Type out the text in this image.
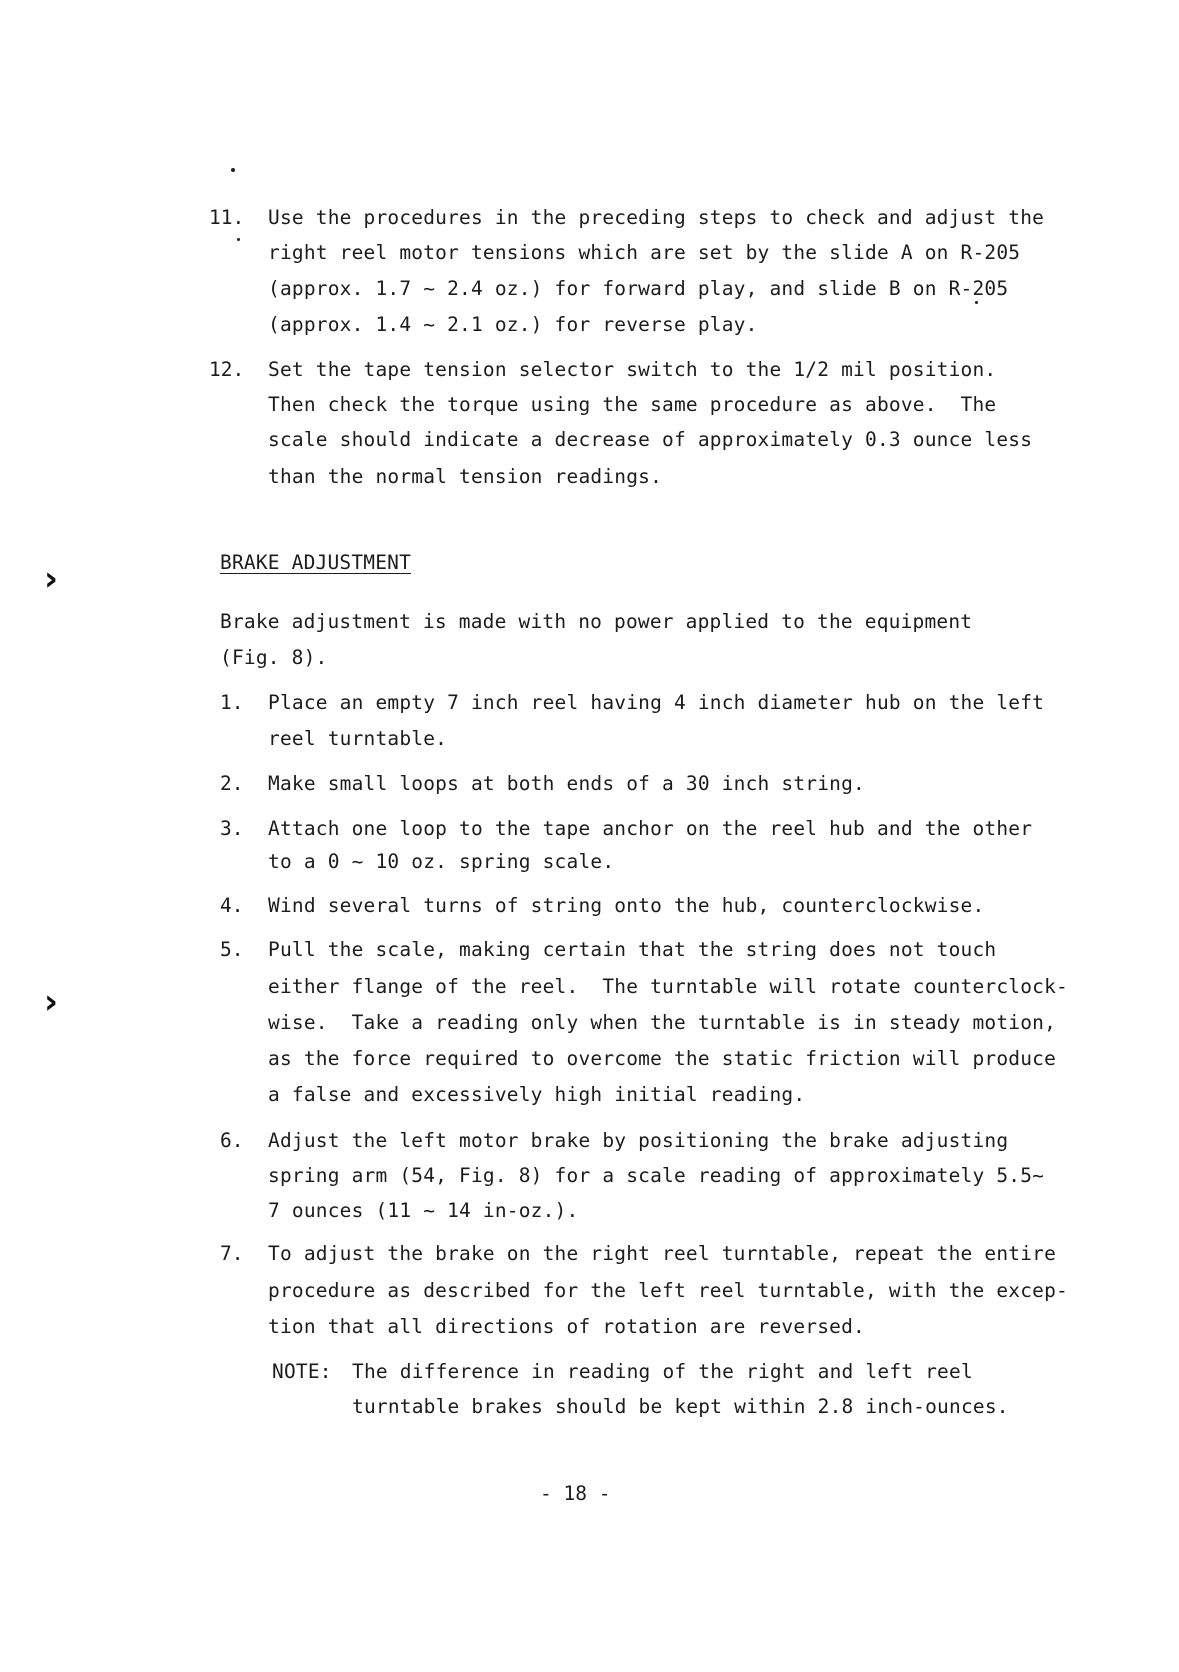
›
›
11. Use the procedures in the preceding steps to check and adjust the
right reel motor tensions which are set by the slide A on R-205
(approx. 1.7 ~ 2.4 oz.) for forward play, and slide B on R-205
(approx. 1.4 ~ 2.1 oz.) for reverse play.
12. Set the tape tension selector switch to the 1/2 mil position.
Then check the torque using the same procedure as above.  The
scale should indicate a decrease of approximately 0.3 ounce less
than the normal tension readings.
BRAKE ADJUSTMENT
Brake adjustment is made with no power applied to the equipment
(Fig. 8).
1. Place an empty 7 inch reel having 4 inch diameter hub on the left
reel turntable.
2. Make small loops at both ends of a 30 inch string.
3. Attach one loop to the tape anchor on the reel hub and the other
to a 0 ~ 10 oz. spring scale.
4. Wind several turns of string onto the hub, counterclockwise.
5. Pull the scale, making certain that the string does not touch
either flange of the reel.  The turntable will rotate counterclock-
wise.  Take a reading only when the turntable is in steady motion,
as the force required to overcome the static friction will produce
a false and excessively high initial reading.
6. Adjust the left motor brake by positioning the brake adjusting
spring arm (54, Fig. 8) for a scale reading of approximately 5.5~
7 ounces (11 ~ 14 in-oz.).
7. To adjust the brake on the right reel turntable, repeat the entire
procedure as described for the left reel turntable, with the excep-
tion that all directions of rotation are reversed.
NOTE: The difference in reading of the right and left reel
turntable brakes should be kept within 2.8 inch-ounces.
- 18 -
